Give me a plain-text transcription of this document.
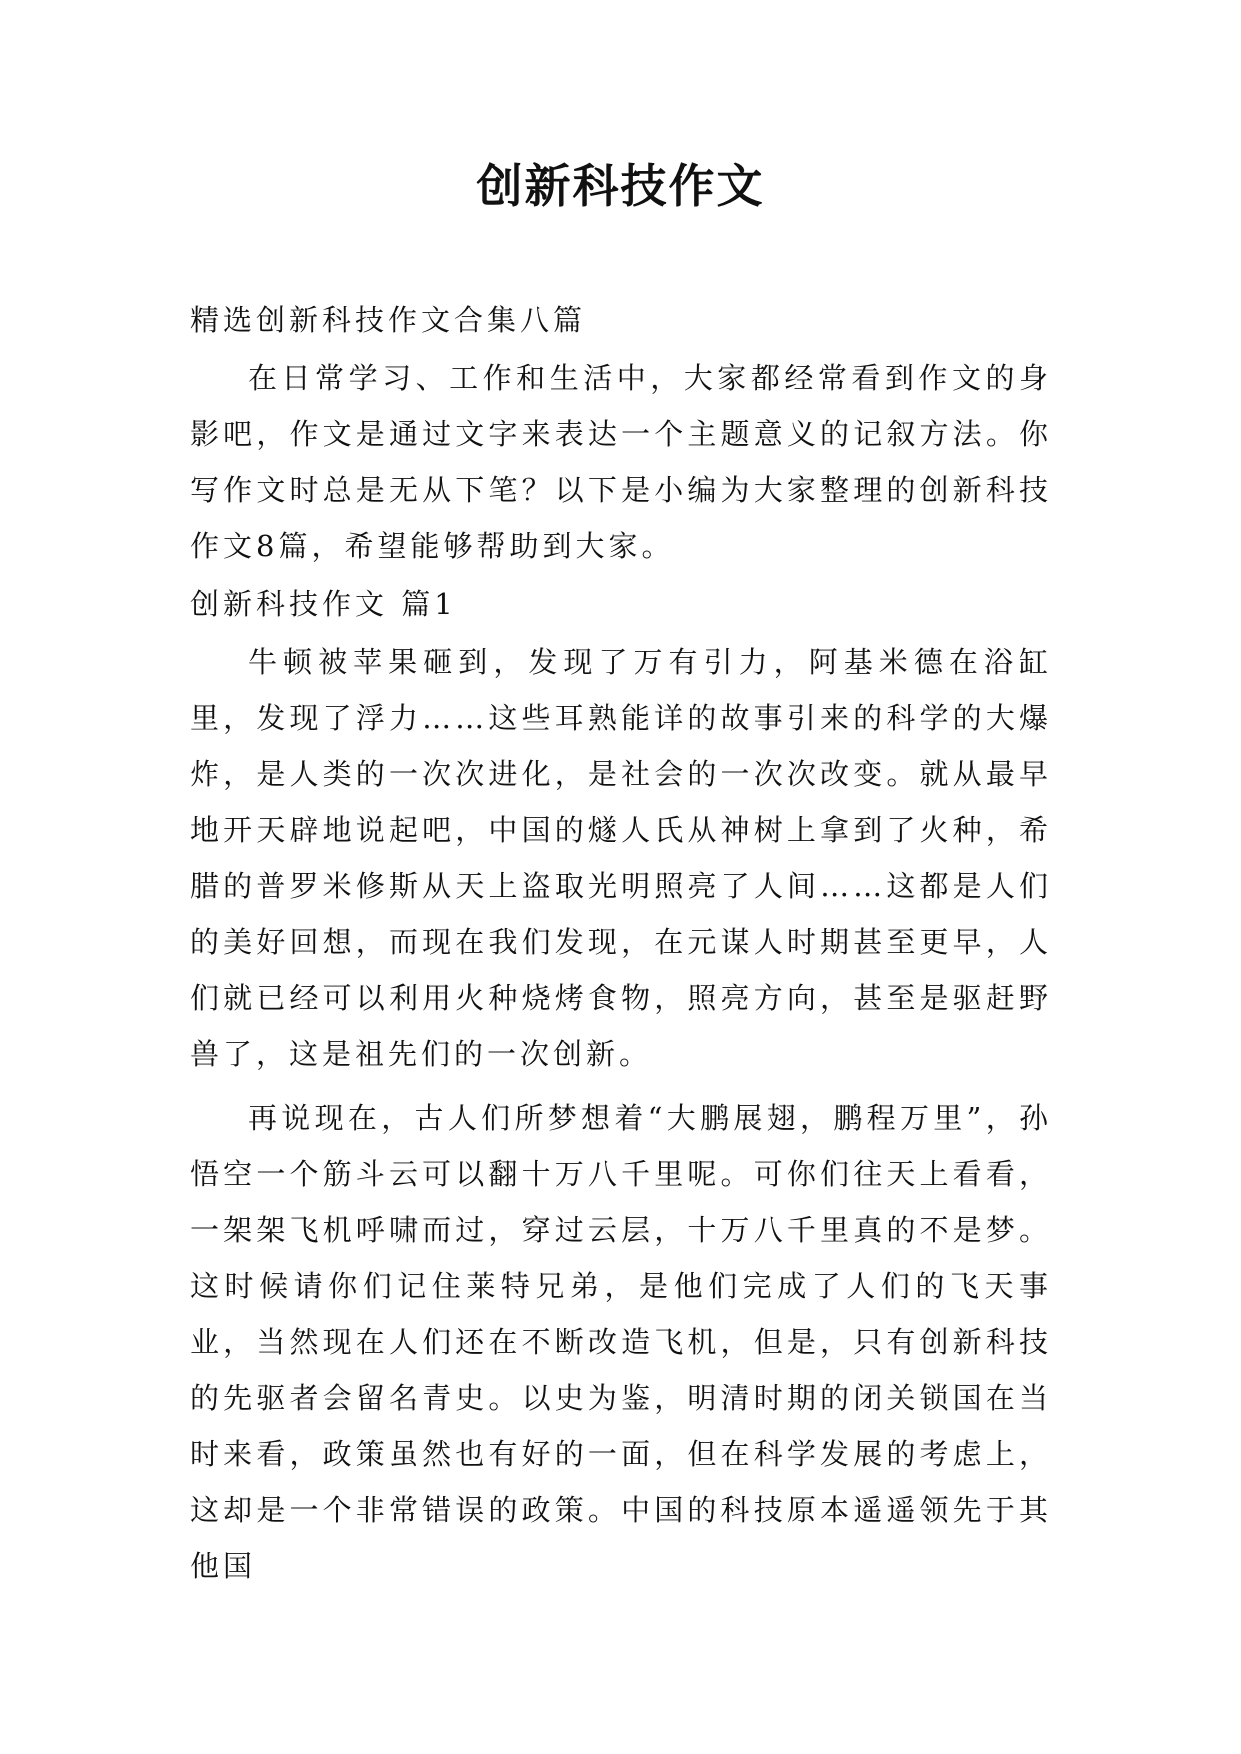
创新科技作文

精选创新科技作文合集八篇

在日常学习、工作和生活中，大家都经常看到作文的身影吧，作文是通过文字来表达一个主题意义的记叙方法。你写作文时总是无从下笔？以下是小编为大家整理的创新科技作文8篇，希望能够帮助到大家。

创新科技作文 篇1

牛顿被苹果砸到，发现了万有引力，阿基米德在浴缸里，发现了浮力……这些耳熟能详的故事引来的科学的大爆炸，是人类的一次次进化，是社会的一次次改变。就从最早地开天辟地说起吧，中国的燧人氏从神树上拿到了火种，希腊的普罗米修斯从天上盗取光明照亮了人间……这都是人们的美好回想，而现在我们发现，在元谋人时期甚至更早，人们就已经可以利用火种烧烤食物，照亮方向，甚至是驱赶野兽了，这是祖先们的一次创新。

再说现在，古人们所梦想着“大鹏展翅，鹏程万里”，孙悟空一个筋斗云可以翻十万八千里呢。可你们往天上看看，一架架飞机呼啸而过，穿过云层，十万八千里真的不是梦。这时候请你们记住莱特兄弟，是他们完成了人们的飞天事业，当然现在人们还在不断改造飞机，但是，只有创新科技的先驱者会留名青史。以史为鉴，明清时期的闭关锁国在当时来看，政策虽然也有好的一面，但在科学发展的考虑上，这却是一个非常错误的政策。中国的科技原本遥遥领先于其他国
